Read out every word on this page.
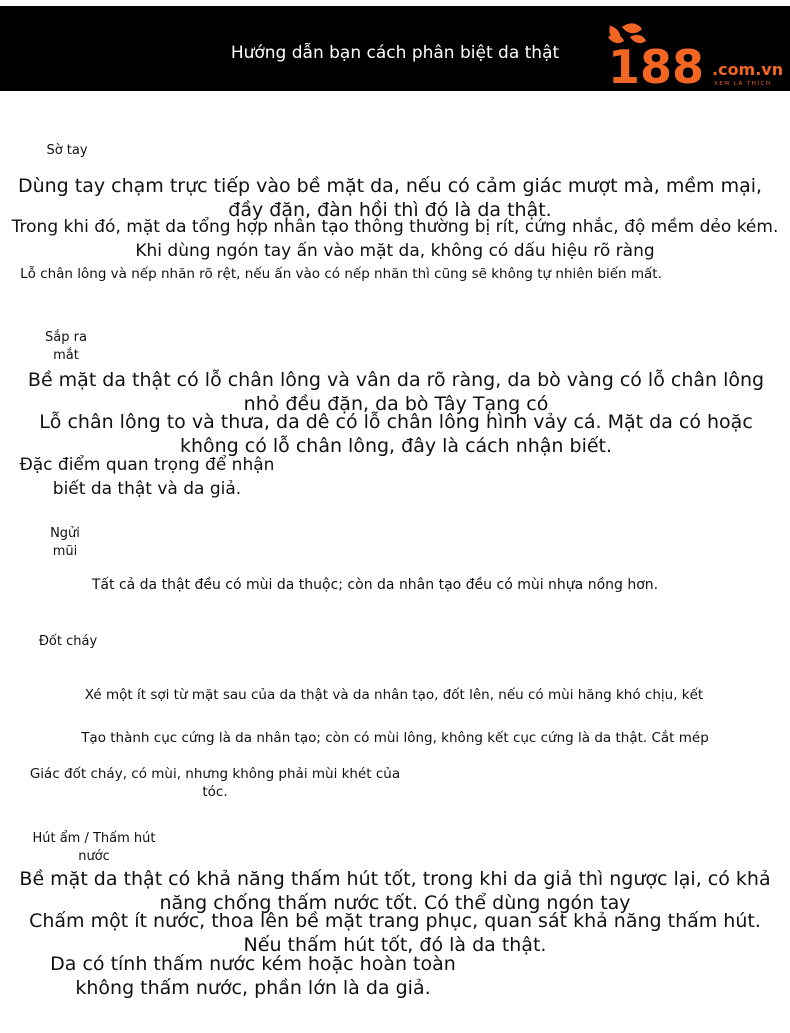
Hướng dẫn bạn cách phân biệt da thật	188 .com.vn
XEM LÀ THÍCH
Sờ tay

Dùng tay chạm trực tiếp vào bề mặt da, nếu có cảm giác mượt mà, mềm mại, đầy đặn, đàn hồi thì đó là da thật.

Trong khi đó, mặt da tổng hợp nhân tạo thông thường bị rít, cứng nhắc, độ mềm dẻo kém. Khi dùng ngón tay ấn vào mặt da, không có dấu hiệu rõ ràng

Lỗ chân lông và nếp nhăn rõ rệt, nếu ấn vào có nếp nhăn thì cũng sẽ không tự nhiên biến mất.

Sắp ra mắt

Bề mặt da thật có lỗ chân lông và vân da rõ ràng, da bò vàng có lỗ chân lông nhỏ đều đặn, da bò Tây Tạng có

Lỗ chân lông to và thưa, da dê có lỗ chân lông hình vảy cá. Mặt da có hoặc không có lỗ chân lông, đây là cách nhận biết.

Đặc điểm quan trọng để nhận biết da thật và da giả.

Ngửi mũi

Tất cả da thật đều có mùi da thuộc; còn da nhân tạo đều có mùi nhựa nồng hơn.

Đốt cháy

Xé một ít sợi từ mặt sau của da thật và da nhân tạo, đốt lên, nếu có mùi hăng khó chịu, kết

Tạo thành cục cứng là da nhân tạo; còn có mùi lông, không kết cục cứng là da thật. Cắt mép

Giác đốt cháy, có mùi, nhưng không phải mùi khét của tóc.

Hút ẩm / Thấm hút nước

Bề mặt da thật có khả năng thấm hút tốt, trong khi da giả thì ngược lại, có khả năng chống thấm nước tốt. Có thể dùng ngón tay

Chấm một ít nước, thoa lên bề mặt trang phục, quan sát khả năng thấm hút. Nếu thấm hút tốt, đó là da thật.

Da có tính thấm nước kém hoặc hoàn toàn không thấm nước, phần lớn là da giả.
